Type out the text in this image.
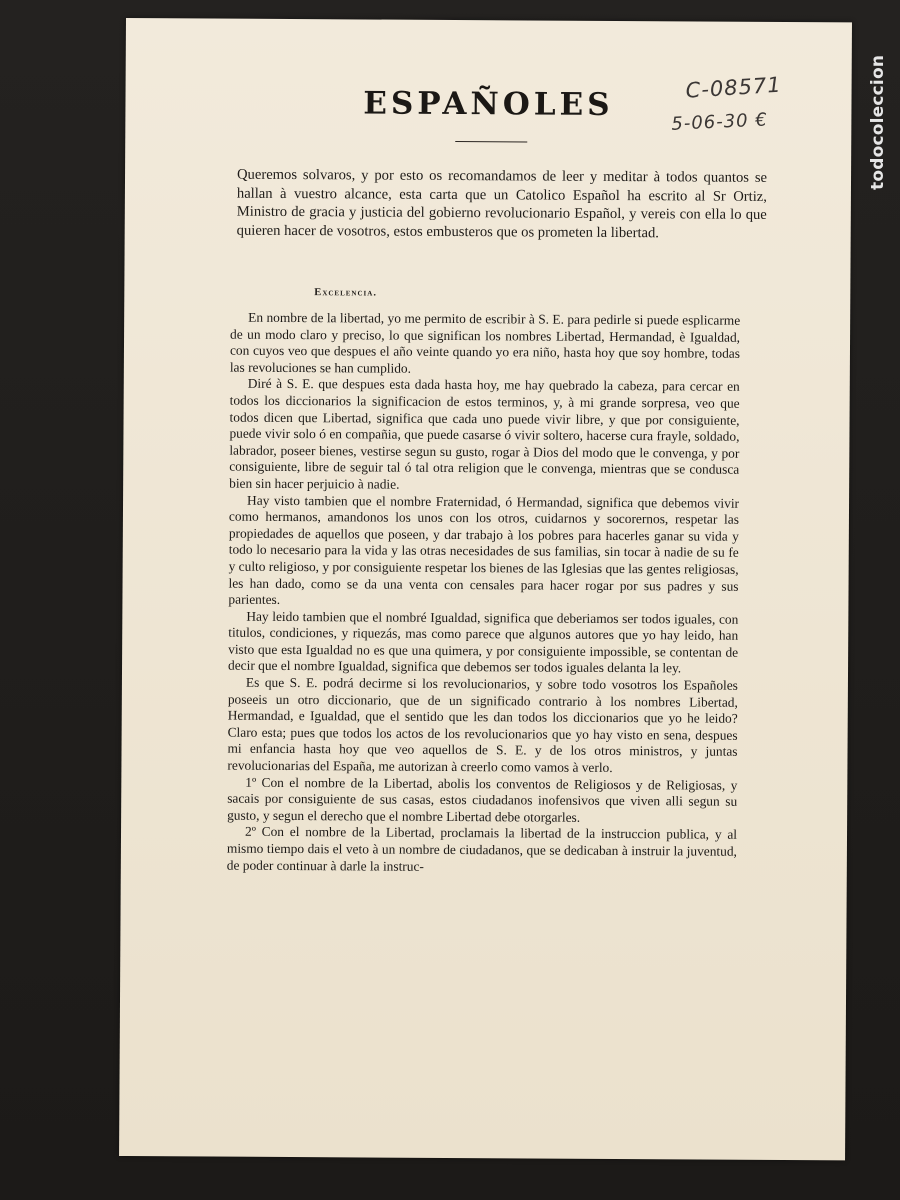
ESPAÑOLES	C-08571
5-06-30 €
Queremos solvaros, y por esto os recomandamos de leer y meditar à todos quantos se hallan à vuestro alcance, esta carta que un Catolico Español ha escrito al Sr Ortiz, Ministro de gracia y justicia del gobierno revolucionario Español, y vereis con ella lo que quieren hacer de vosotros, estos embusteros que os prometen la libertad.
Excelencia.

En nombre de la libertad, yo me permito de escribir à S. E. para pedirle si puede esplicarme de un modo claro y preciso, lo que significan los nombres Libertad, Hermandad, è Igualdad, con cuyos veo que despues el año veinte quando yo era niño, hasta hoy que soy hombre, todas las revoluciones se han cumplido.

Diré à S. E. que despues esta dada hasta hoy, me hay quebrado la cabeza, para cercar en todos los diccionarios la significacion de estos terminos, y, à mi grande sorpresa, veo que todos dicen que Libertad, significa que cada uno puede vivir libre, y que por consiguiente, puede vivir solo ó en compañia, que puede casarse ó vivir soltero, hacerse cura frayle, soldado, labrador, poseer bienes, vestirse segun su gusto, rogar à Dios del modo que le convenga, y por consiguiente, libre de seguir tal ó tal otra religion que le convenga, mientras que se condusca bien sin hacer perjuicio à nadie.

Hay visto tambien que el nombre Fraternidad, ó Hermandad, significa que debemos vivir como hermanos, amandonos los unos con los otros, cuidarnos y socorernos, respetar las propiedades de aquellos que poseen, y dar trabajo à los pobres para hacerles ganar su vida y todo lo necesario para la vida y las otras necesidades de sus familias, sin tocar à nadie de su fe y culto religioso, y por consiguiente respetar los bienes de las Iglesias que las gentes religiosas, les han dado, como se da una venta con censales para hacer rogar por sus padres y sus parientes.

Hay leido tambien que el nombré Igualdad, significa que deberiamos ser todos iguales, con titulos, condiciones, y riquezás, mas como parece que algunos autores que yo hay leido, han visto que esta Igualdad no es que una quimera, y por consiguiente impossible, se contentan de decir que el nombre Igualdad, significa que debemos ser todos iguales delanta la ley.

Es que S. E. podrá decirme si los revolucionarios, y sobre todo vosotros los Españoles poseeis un otro diccionario, que de un significado contrario à los nombres Libertad, Hermandad, e Igualdad, que el sentido que les dan todos los diccionarios que yo he leido? Claro esta; pues que todos los actos de los revolucionarios que yo hay visto en sena, despues mi enfancia hasta hoy que veo aquellos de S. E. y de los otros ministros, y juntas revolucionarias del España, me autorizan à creerlo como vamos à verlo.

1º Con el nombre de la Libertad, abolis los conventos de Religiosos y de Religiosas, y sacais por consiguiente de sus casas, estos ciudadanos inofensivos que viven alli segun su gusto, y segun el derecho que el nombre Libertad debe otorgarles.

2º Con el nombre de la Libertad, proclamais la libertad de la instruccion publica, y al mismo tiempo dais el veto à un nombre de ciudadanos, que se dedicaban à instruir la juventud, de poder continuar à darle la instruc-

todocoleccion
